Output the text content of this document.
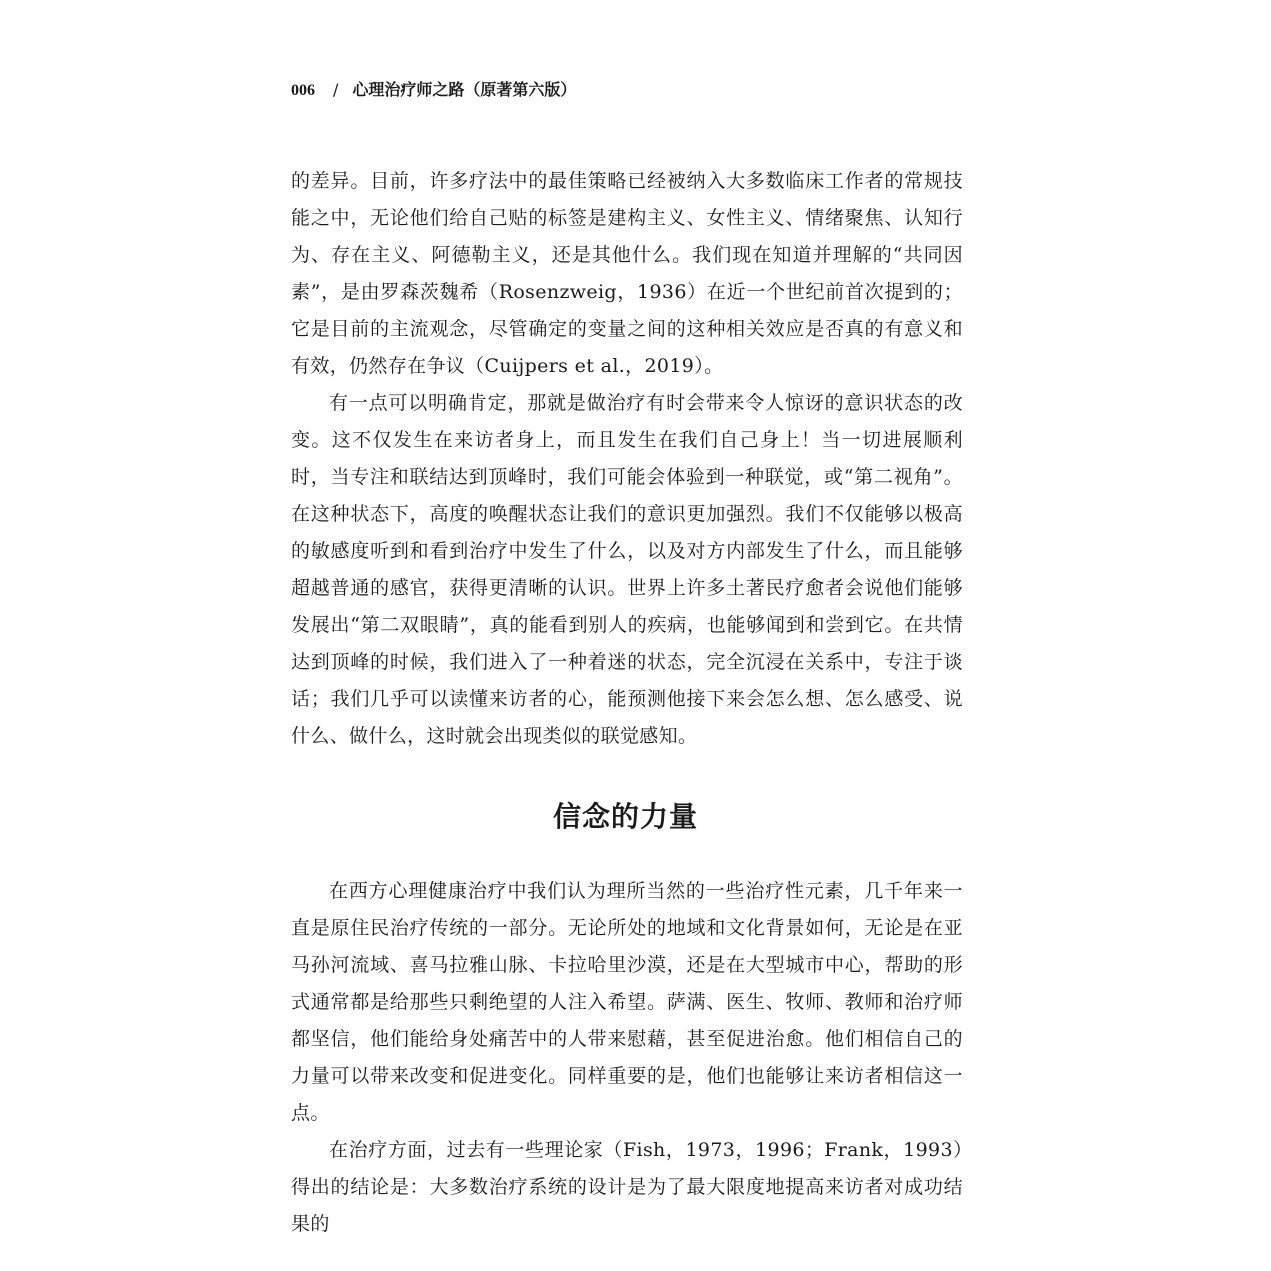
006 / 心理治疗师之路（原著第六版）

的差异。目前，许多疗法中的最佳策略已经被纳入大多数临床工作者的常规技能之中，无论他们给自己贴的标签是建构主义、女性主义、情绪聚焦、认知行为、存在主义、阿德勒主义，还是其他什么。我们现在知道并理解的“共同因素”，是由罗森茨魏希（Rosenzweig，1936）在近一个世纪前首次提到的；它是目前的主流观念，尽管确定的变量之间的这种相关效应是否真的有意义和有效，仍然存在争议（Cuijpers et al.，2019）。

有一点可以明确肯定，那就是做治疗有时会带来令人惊讶的意识状态的改变。这不仅发生在来访者身上，而且发生在我们自己身上！当一切进展顺利时，当专注和联结达到顶峰时，我们可能会体验到一种联觉，或“第二视角”。在这种状态下，高度的唤醒状态让我们的意识更加强烈。我们不仅能够以极高的敏感度听到和看到治疗中发生了什么，以及对方内部发生了什么，而且能够超越普通的感官，获得更清晰的认识。世界上许多土著民疗愈者会说他们能够发展出“第二双眼睛”，真的能看到别人的疾病，也能够闻到和尝到它。在共情达到顶峰的时候，我们进入了一种着迷的状态，完全沉浸在关系中，专注于谈话；我们几乎可以读懂来访者的心，能预测他接下来会怎么想、怎么感受、说什么、做什么，这时就会出现类似的联觉感知。

信念的力量

在西方心理健康治疗中我们认为理所当然的一些治疗性元素，几千年来一直是原住民治疗传统的一部分。无论所处的地域和文化背景如何，无论是在亚马孙河流域、喜马拉雅山脉、卡拉哈里沙漠，还是在大型城市中心，帮助的形式通常都是给那些只剩绝望的人注入希望。萨满、医生、牧师、教师和治疗师都坚信，他们能给身处痛苦中的人带来慰藉，甚至促进治愈。他们相信自己的力量可以带来改变和促进变化。同样重要的是，他们也能够让来访者相信这一点。

在治疗方面，过去有一些理论家（Fish，1973，1996；Frank，1993）得出的结论是：大多数治疗系统的设计是为了最大限度地提高来访者对成功结果的
